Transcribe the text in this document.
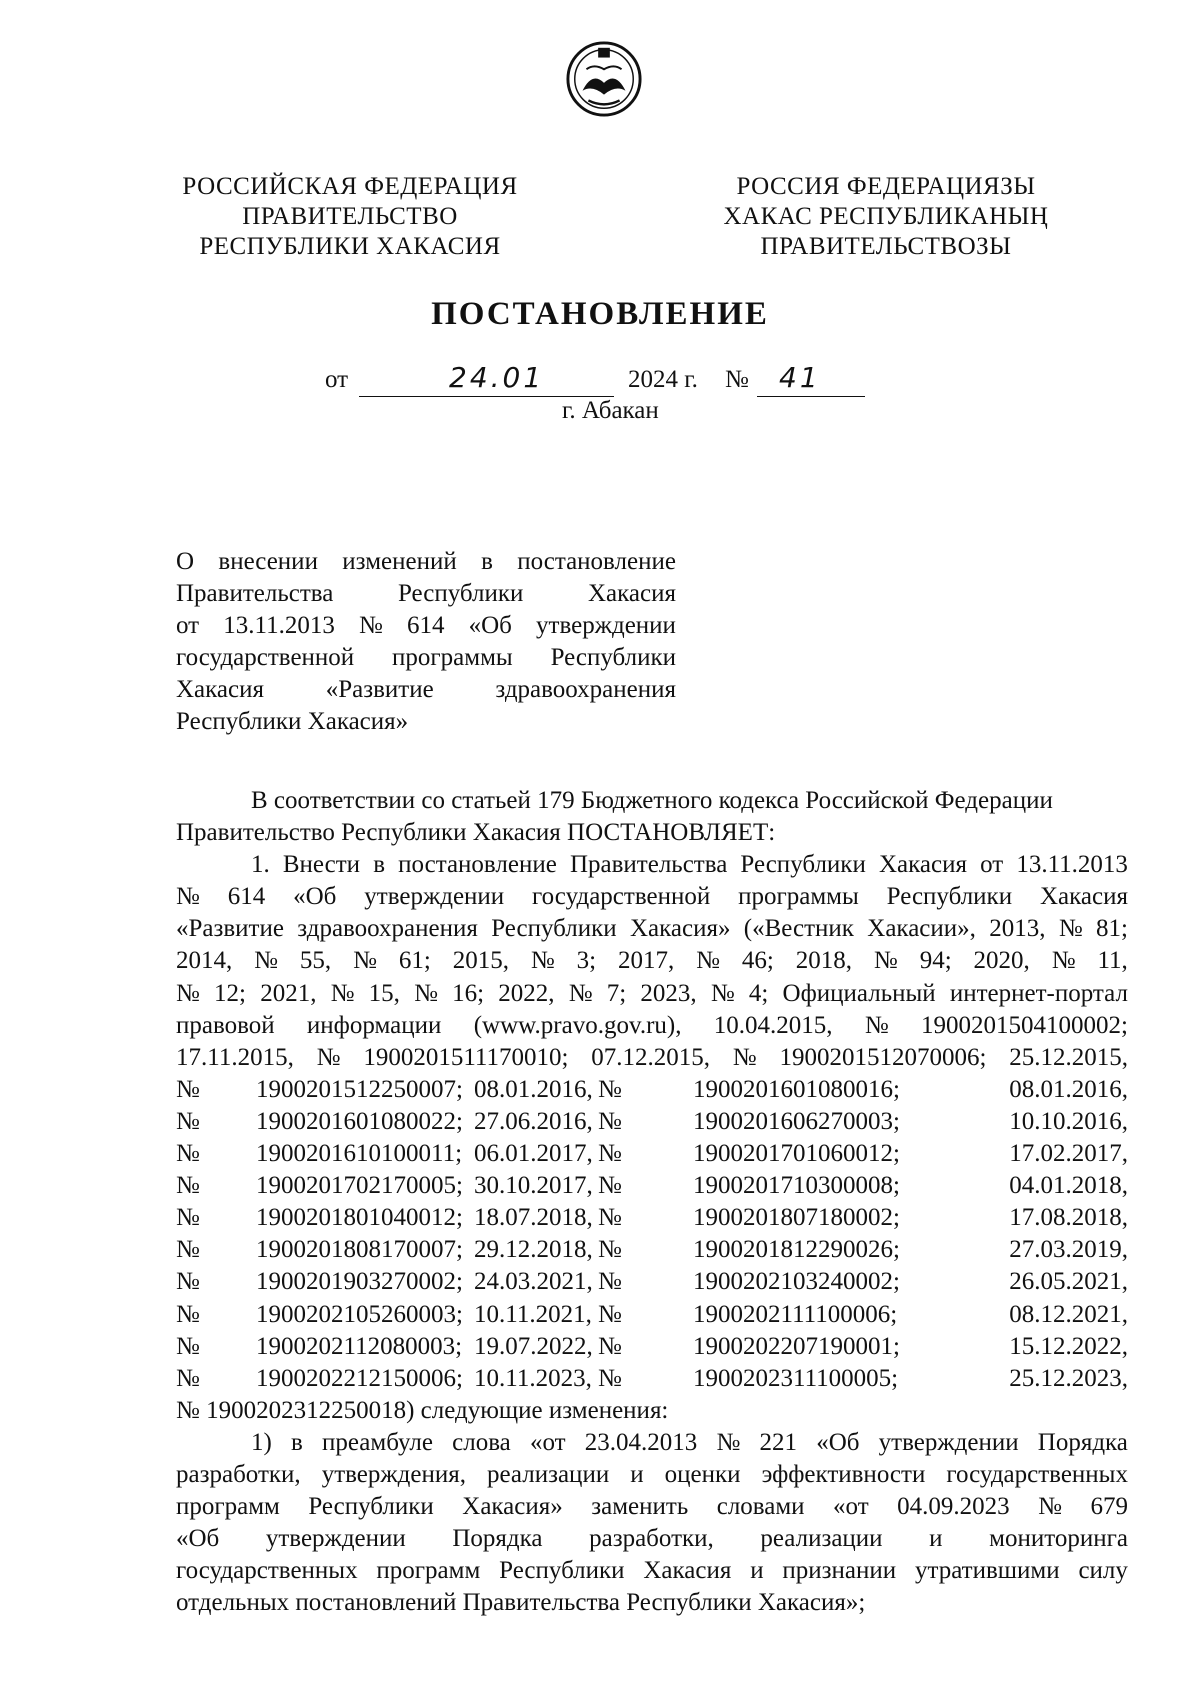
РОССИЙСКАЯ ФЕДЕРАЦИЯ
ПРАВИТЕЛЬСТВО
РЕСПУБЛИКИ ХАКАСИЯ
РОССИЯ ФЕДЕРАЦИЯЗЫ
ХАКАС РЕСПУБЛИКАНЫҢ
ПРАВИТЕЛЬСТВОЗЫ
ПОСТАНОВЛЕНИЕ
от	24.01	2024 г. № 41
г. Абакан
О внесении изменений в постановление
Правительства	Республики	Хакасия
от 13.11.2013 № 614 «Об утверждении
государственной программы Республики
Хакасия «Развитие здравоохранения
Республики Хакасия»
В соответствии со статьей 179 Бюджетного кодекса Российской Федерации
Правительство Республики Хакасия ПОСТАНОВЛЯЕТ:
1. Внести в постановление Правительства Республики Хакасия от 13.11.2013
№ 614 «Об утверждении государственной программы Республики Хакасия
«Развитие здравоохранения Республики Хакасия» («Вестник Хакасии», 2013, № 81;
2014, № 55, № 61; 2015, № 3; 2017, № 46; 2018, № 94; 2020, № 11,
№ 12; 2021, № 15, № 16; 2022, № 7; 2023, № 4; Официальный интернет-портал
правовой информации (www.pravo.gov.ru), 10.04.2015, № 1900201504100002;
17.11.2015, № 1900201511170010; 07.12.2015, № 1900201512070006; 25.12.2015,
№	1900201512250007; 08.01.2016, №	1900201601080016;	08.01.2016,
№	1900201601080022; 27.06.2016, №	1900201606270003;	10.10.2016,
№	1900201610100011; 06.01.2017, №	1900201701060012;	17.02.2017,
№	1900201702170005; 30.10.2017, №	1900201710300008;	04.01.2018,
№	1900201801040012; 18.07.2018, №	1900201807180002;	17.08.2018,
№	1900201808170007; 29.12.2018, №	1900201812290026;	27.03.2019,
№	1900201903270002; 24.03.2021, №	1900202103240002;	26.05.2021,
№	1900202105260003; 10.11.2021, №	1900202111100006;	08.12.2021,
№	1900202112080003; 19.07.2022, №	1900202207190001;	15.12.2022,
№	1900202212150006; 10.11.2023, №	1900202311100005;	25.12.2023,
№ 1900202312250018) следующие изменения:
1) в преамбуле слова «от 23.04.2013 № 221 «Об утверждении Порядка
разработки, утверждения, реализации и оценки эффективности государственных
программ Республики Хакасия» заменить словами «от 04.09.2023 № 679
«Об утверждении Порядка разработки, реализации и мониторинга
государственных программ Республики Хакасия и признании утратившими силу
отдельных постановлений Правительства Республики Хакасия»;
